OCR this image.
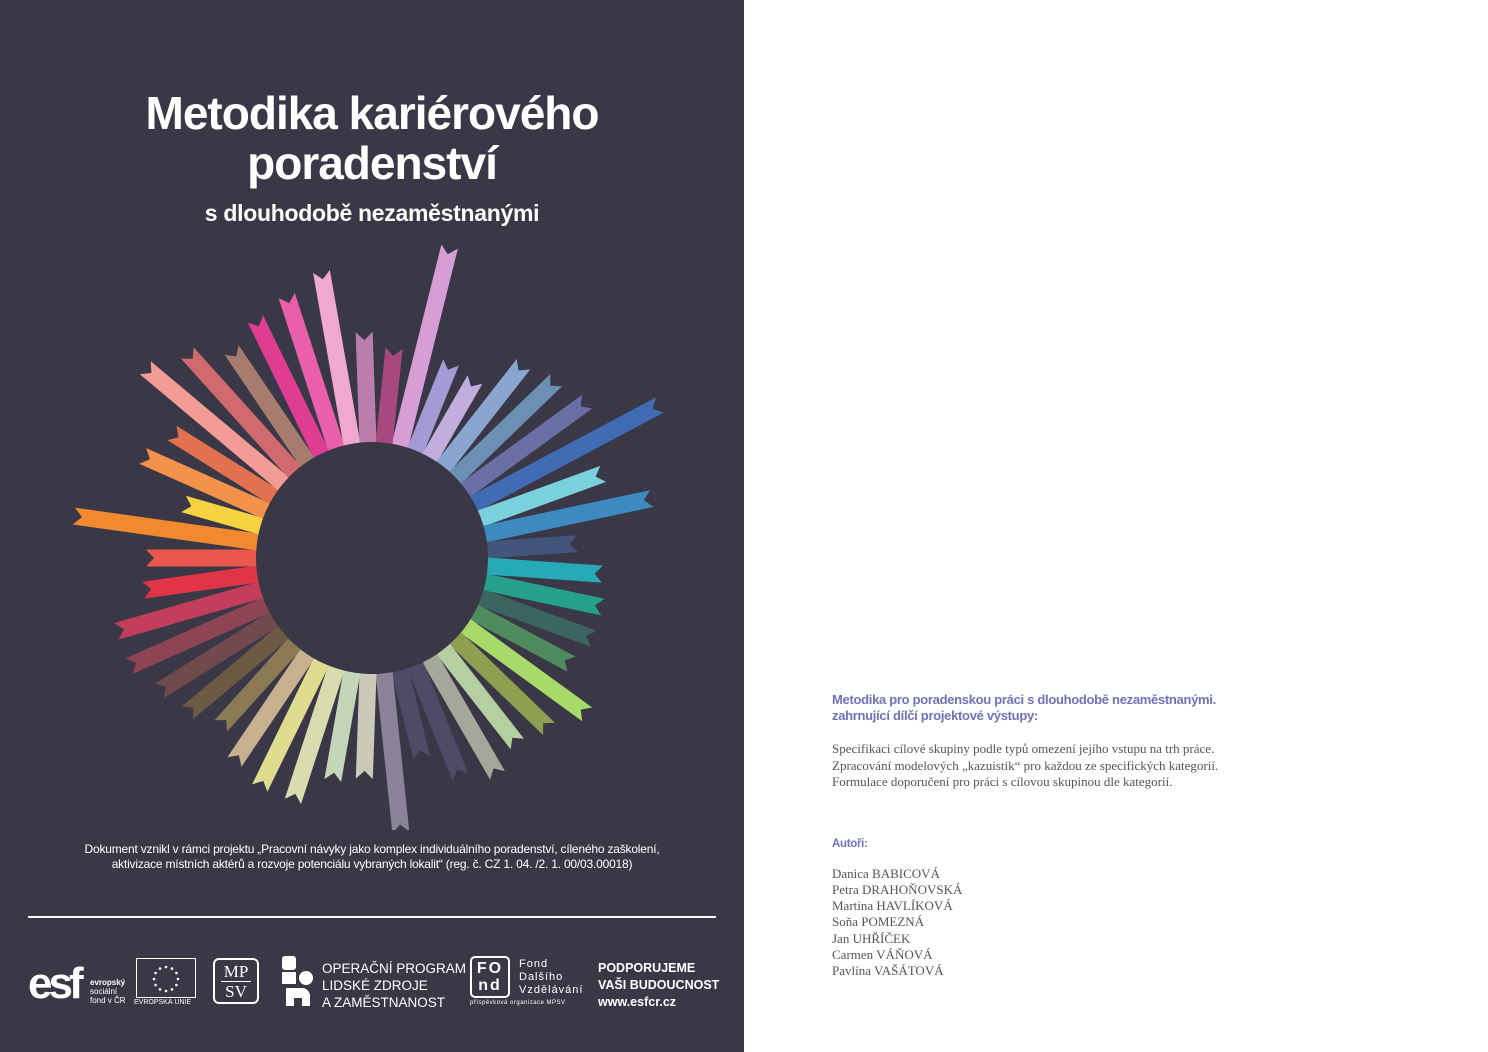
Metodika kariérového
poradenství

s dlouhodobě nezaměstnanými

Dokument vznikl v rámci projektu „Pracovní návyky jako komplex individuálního poradenství, cíleného zaškolení,
aktivizace místních aktérů a rozvoje potenciálu vybraných lokalit“ (reg. č. CZ 1. 04. /2. 1. 00/03.00018)
esf evropský
sociální
fond v ČR EVROPSKÁ UNIE
MP
SV
OPERAČNÍ PROGRAM
LIDSKÉ ZDROJE
A ZAMĚSTNANOST
FO
nd
Fond
Dalšího
Vzdělávání
příspěvková organizace MPSV
PODPORUJEME
VAŠI BUDOUCNOST
www.esfcr.cz
Metodika pro poradenskou práci s dlouhodobě nezaměstnanými.
zahrnující dílčí projektové výstupy:
Specifikaci cílové skupiny podle typů omezení jejího vstupu na trh práce.
Zpracování modelových „kazuistik“ pro každou ze specifických kategorií.
Formulace doporučení pro práci s cílovou skupinou dle kategorií.
Autoři:
Danica BABICOVÁ
Petra DRAHOŇOVSKÁ
Martina HAVLÍKOVÁ
Soňa POMEZNÁ
Jan UHŘÍČEK
Carmen VÁŇOVÁ
Pavlína VAŠÁTOVÁ
